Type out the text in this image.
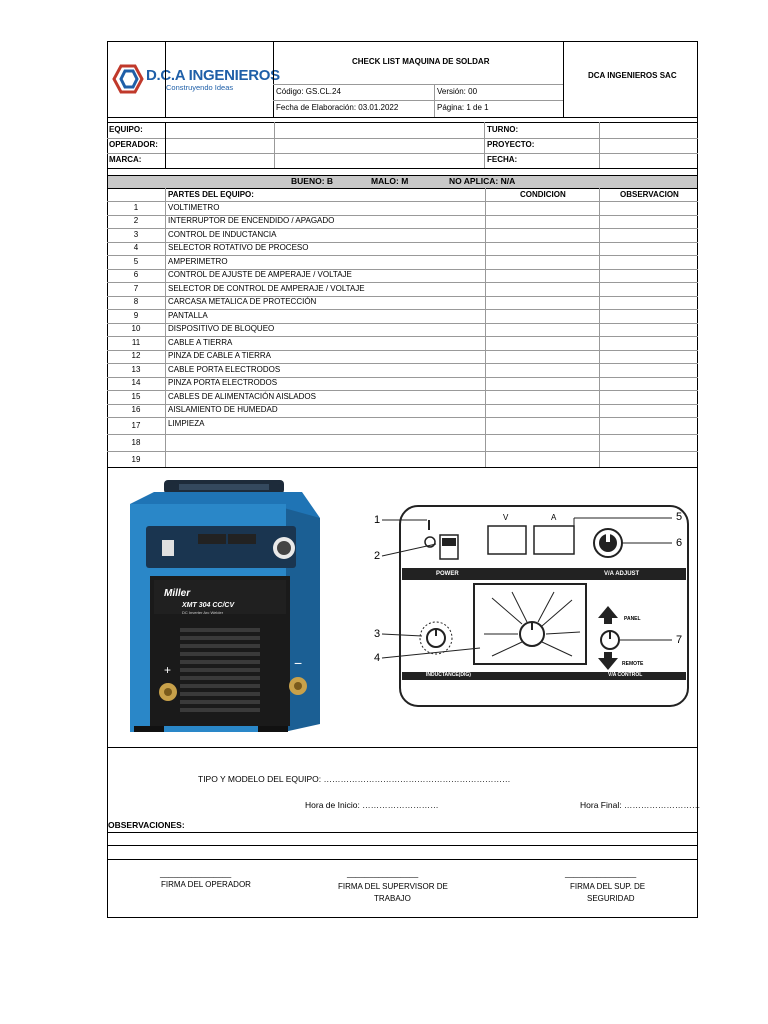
D.C.A INGENIEROS
Construyendo Ideas
CHECK LIST MAQUINA DE SOLDAR
Código: GS.CL.24	Versión: 00
Fecha de Elaboración: 03.01.2022	Página: 1 de 1
DCA INGENIEROS SAC
EQUIPO:
OPERADOR:
MARCA:
TURNO:
PROYECTO:
FECHA:
BUENO: B	MALO: M	NO APLICA: N/A
PARTES DEL EQUIPO:	CONDICION	OBSERVACION
1	VOLTIMETRO
2	INTERRUPTOR DE ENCENDIDO / APAGADO
3	CONTROL DE INDUCTANCIA
4	SELECTOR ROTATIVO DE PROCESO
5	AMPERIMETRO
6	CONTROL DE AJUSTE DE AMPERAJE / VOLTAJE
7	SELECTOR DE CONTROL DE AMPERAJE / VOLTAJE
8	CARCASA METALICA DE PROTECCIÓN
9	PANTALLA
10	DISPOSITIVO DE BLOQUEO
11	CABLE A TIERRA
12	PINZA DE CABLE A TIERRA
13	CABLE PORTA ELECTRODOS
14	PINZA PORTA ELECTRODOS
15	CABLES DE ALIMENTACIÓN AISLADOS
16	AISLAMIENTO DE HUMEDAD
17	LIMPIEZA
18
19
+	−
Miller
XMT 304 CC/CV
DC Inverter Arc Welder
1
2
3
4
5
6
7
V	A
POWER	V/A ADJUST
INDUCTANCE(DIG)	V/A CONTROL
PANEL
REMOTE
TIPO Y MODELO DEL EQUIPO: …………………………………………………………
Hora de Inicio: ………………………	Hora Final: ………………………
OBSERVACIONES:
________________
FIRMA DEL OPERADOR
________________
FIRMA DEL SUPERVISOR DE
TRABAJO
________________
FIRMA DEL SUP. DE
SEGURIDAD
